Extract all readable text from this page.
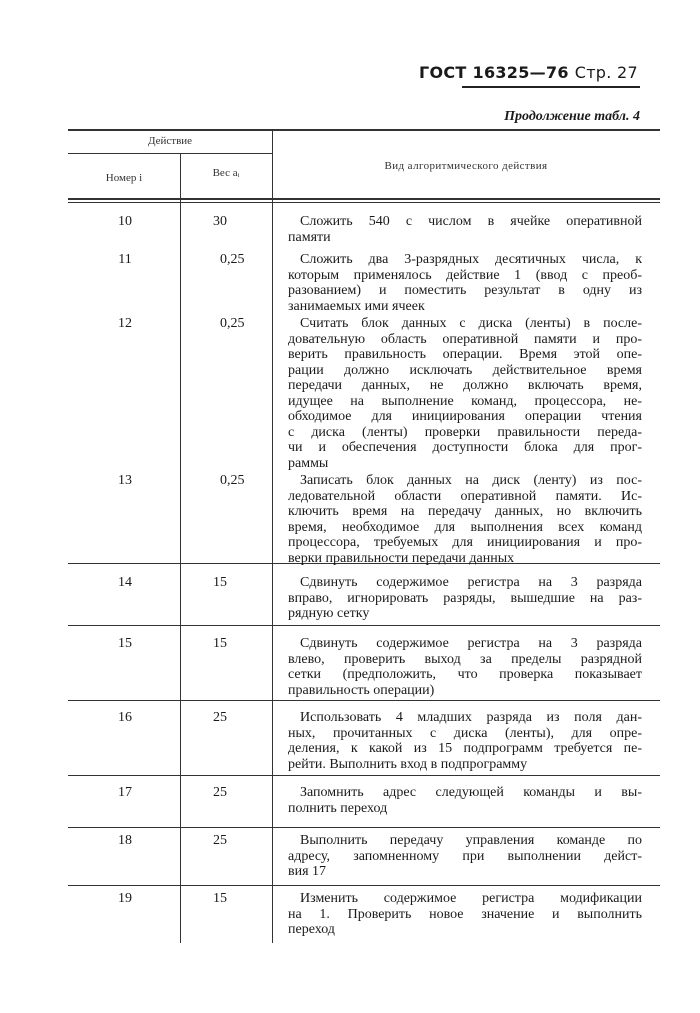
ГОСТ 16325—76 Стр. 27
Продолжение табл. 4
Действие
Номер i	Вес aᵢ
Вид алгоритмического действия
10	30	Сложить 540 с числом в ячейке оперативной
памяти
11	0,25	Сложить два 3-разрядных десятичных числа, к
которым применялось действие 1 (ввод с преоб-
разованием) и поместить результат в одну из
занимаемых ими ячеек
12	0,25	Считать блок данных с диска (ленты) в после-
довательную область оперативной памяти и про-
верить правильность операции. Время этой опе-
рации должно исключать действительное время
передачи данных, не должно включать время,
идущее на выполнение команд, процессора, не-
обходимое для инициирования операции чтения
с диска (ленты) проверки правильности переда-
чи и обеспечения доступности блока для прог-
раммы
13	0,25	Записать блок данных на диск (ленту) из пос-
ледовательной области оперативной памяти. Ис-
ключить время на передачу данных, но включить
время, необходимое для выполнения всех команд
процессора, требуемых для инициирования и про-
верки правильности передачи данных
14	15	Сдвинуть содержимое регистра на 3 разряда
вправо, игнорировать разряды, вышедшие на раз-
рядную сетку
15	15	Сдвинуть содержимое регистра на 3 разряда
влево, проверить выход за пределы разрядной
сетки (предположить, что проверка показывает
правильность операции)
16	25	Использовать 4 младших разряда из поля дан-
ных, прочитанных с диска (ленты), для опре-
деления, к какой из 15 подпрограмм требуется пе-
рейти. Выполнить вход в подпрограмму
17	25	Запомнить адрес следующей команды и вы-
полнить переход
18	25	Выполнить передачу управления команде по
адресу, запомненному при выполнении дейст-
вия 17
19	15	Изменить содержимое регистра модификации
на 1. Проверить новое значение и выполнить
переход
